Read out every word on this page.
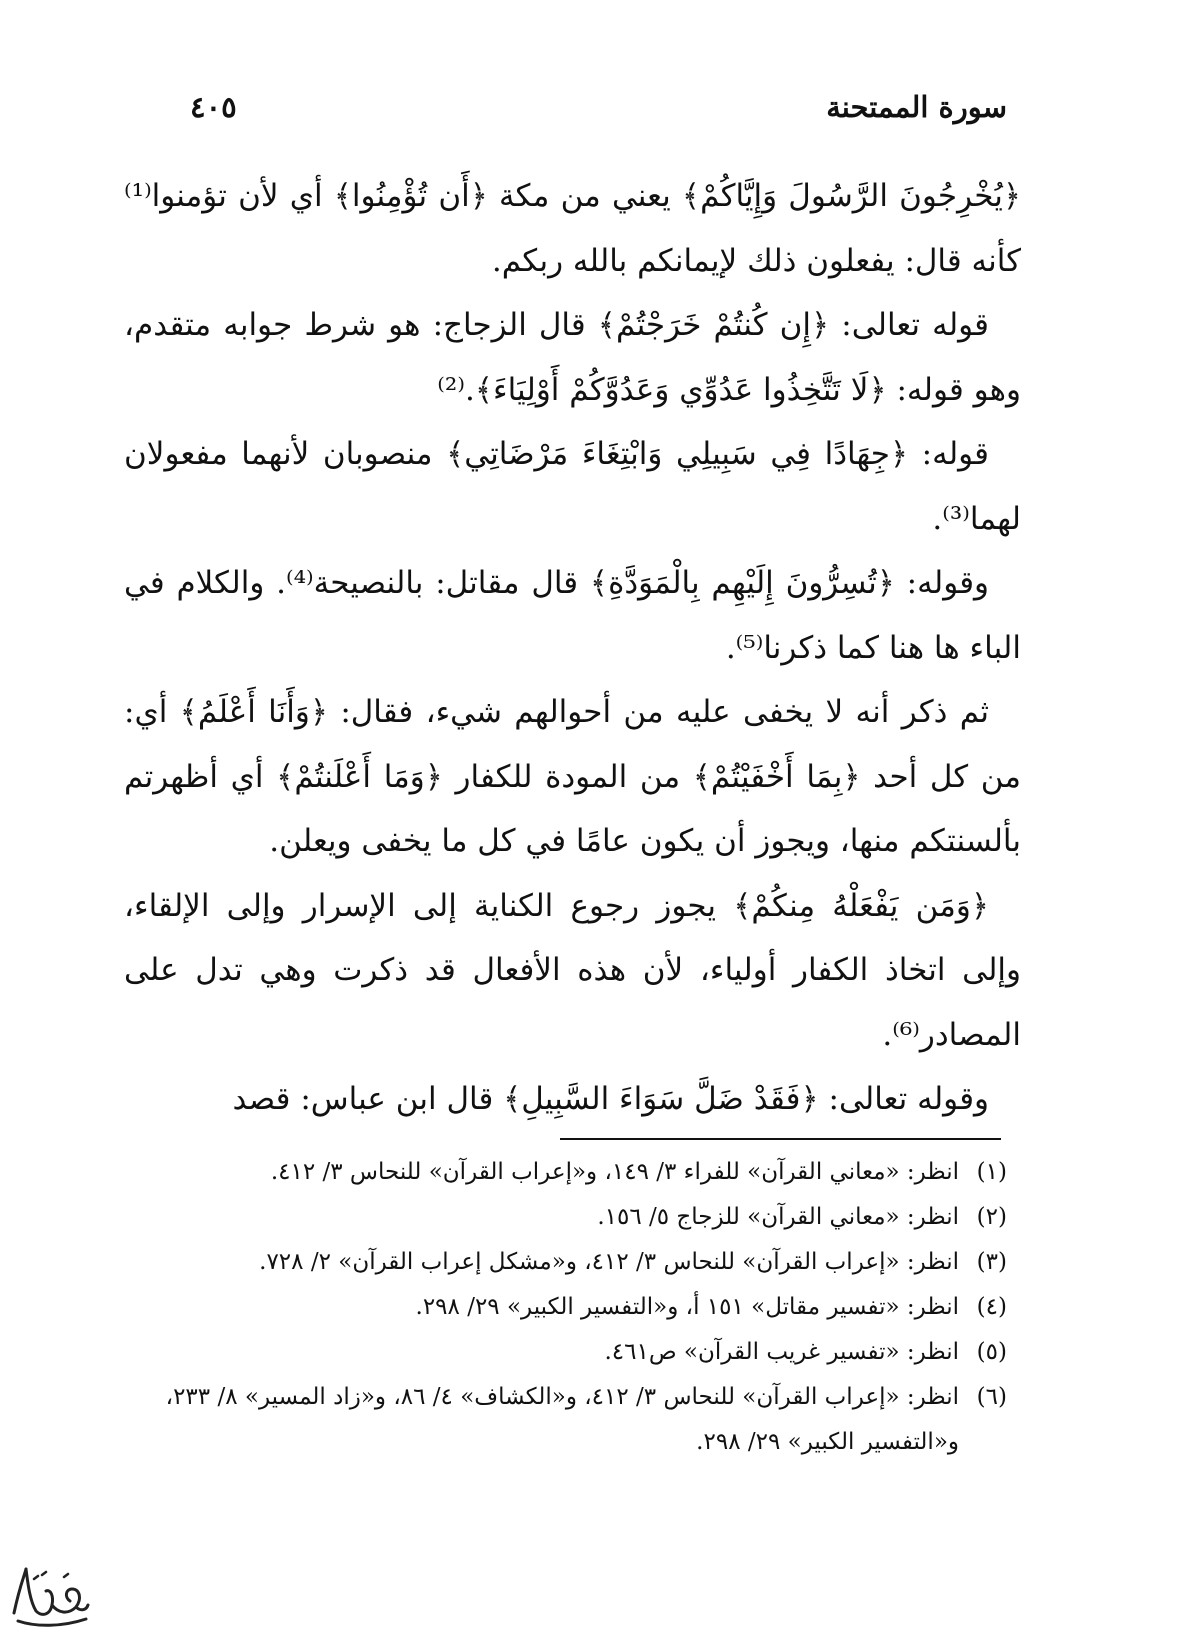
سورة الممتحنة
٤٠٥

﴿يُخْرِجُونَ الرَّسُولَ وَإِيَّاكُمْ﴾ يعني من مكة ﴿أَن تُؤْمِنُوا﴾ أي لأن تؤمنوا⁽¹⁾ كأنه قال: يفعلون ذلك لإيمانكم بالله ربكم.

قوله تعالى: ﴿إِن كُنتُمْ خَرَجْتُمْ﴾ قال الزجاج: هو شرط جوابه متقدم، وهو قوله: ﴿لَا تَتَّخِذُوا عَدُوِّي وَعَدُوَّكُمْ أَوْلِيَاءَ﴾.⁽²⁾

قوله: ﴿جِهَادًا فِي سَبِيلِي وَابْتِغَاءَ مَرْضَاتِي﴾ منصوبان لأنهما مفعولان لهما⁽³⁾.

وقوله: ﴿تُسِرُّونَ إِلَيْهِم بِالْمَوَدَّةِ﴾ قال مقاتل: بالنصيحة⁽⁴⁾. والكلام في الباء ها هنا كما ذكرنا⁽⁵⁾.

ثم ذكر أنه لا يخفى عليه من أحوالهم شيء، فقال: ﴿وَأَنَا أَعْلَمُ﴾ أي: من كل أحد ﴿بِمَا أَخْفَيْتُمْ﴾ من المودة للكفار ﴿وَمَا أَعْلَنتُمْ﴾ أي أظهرتم بألسنتكم منها، ويجوز أن يكون عامًا في كل ما يخفى ويعلن.

﴿وَمَن يَفْعَلْهُ مِنكُمْ﴾ يجوز رجوع الكناية إلى الإسرار وإلى الإلقاء، وإلى اتخاذ الكفار أولياء، لأن هذه الأفعال قد ذكرت وهي تدل على المصادر⁽⁶⁾.

وقوله تعالى: ﴿فَقَدْ ضَلَّ سَوَاءَ السَّبِيلِ﴾ قال ابن عباس: قصد

(١)
انظر: «معاني القرآن» للفراء ٣/ ١٤٩، و«إعراب القرآن» للنحاس ٣/ ٤١٢.
(٢)
انظر: «معاني القرآن» للزجاج ٥/ ١٥٦.
(٣)
انظر: «إعراب القرآن» للنحاس ٣/ ٤١٢، و«مشكل إعراب القرآن» ٢/ ٧٢٨.
(٤)
انظر: «تفسير مقاتل» ١٥١ أ، و«التفسير الكبير» ٢٩/ ٢٩٨.
(٥)
انظر: «تفسير غريب القرآن» ص٤٦١.
(٦)
انظر: «إعراب القرآن» للنحاس ٣/ ٤١٢، و«الكشاف» ٤/ ٨٦، و«زاد المسير» ٨/ ٢٣٣، و«التفسير الكبير» ٢٩/ ٢٩٨.
